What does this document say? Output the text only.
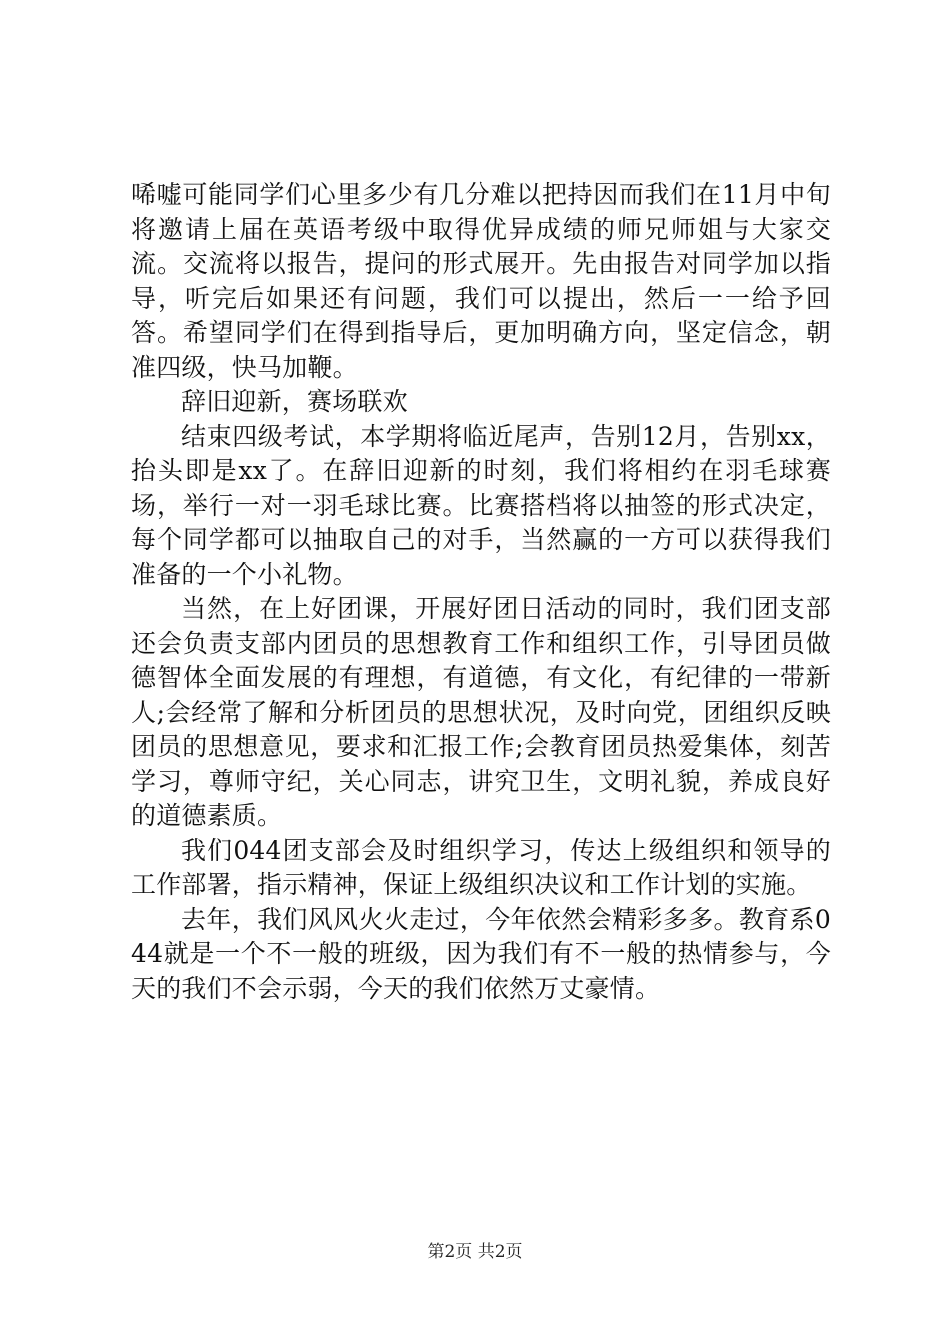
唏嘘可能同学们心里多少有几分难以把持因而我们在11月中旬将邀请上届在英语考级中取得优异成绩的师兄师姐与大家交流。交流将以报告，提问的形式展开。先由报告对同学加以指导，听完后如果还有问题，我们可以提出，然后一一给予回答。希望同学们在得到指导后，更加明确方向，坚定信念，朝准四级，快马加鞭。

辞旧迎新，赛场联欢

结束四级考试，本学期将临近尾声，告别12月，告别xx，抬头即是xx了。在辞旧迎新的时刻，我们将相约在羽毛球赛场，举行一对一羽毛球比赛。比赛搭档将以抽签的形式决定，每个同学都可以抽取自己的对手，当然赢的一方可以获得我们准备的一个小礼物。

当然，在上好团课，开展好团日活动的同时，我们团支部还会负责支部内团员的思想教育工作和组织工作，引导团员做德智体全面发展的有理想，有道德，有文化，有纪律的一带新人;会经常了解和分析团员的思想状况，及时向党，团组织反映团员的思想意见，要求和汇报工作;会教育团员热爱集体，刻苦学习，尊师守纪，关心同志，讲究卫生，文明礼貌，养成良好的道德素质。

我们044团支部会及时组织学习，传达上级组织和领导的工作部署，指示精神，保证上级组织决议和工作计划的实施。

去年，我们风风火火走过，今年依然会精彩多多。教育系044就是一个不一般的班级，因为我们有不一般的热情参与，今天的我们不会示弱，今天的我们依然万丈豪情。

第2页 共2页
